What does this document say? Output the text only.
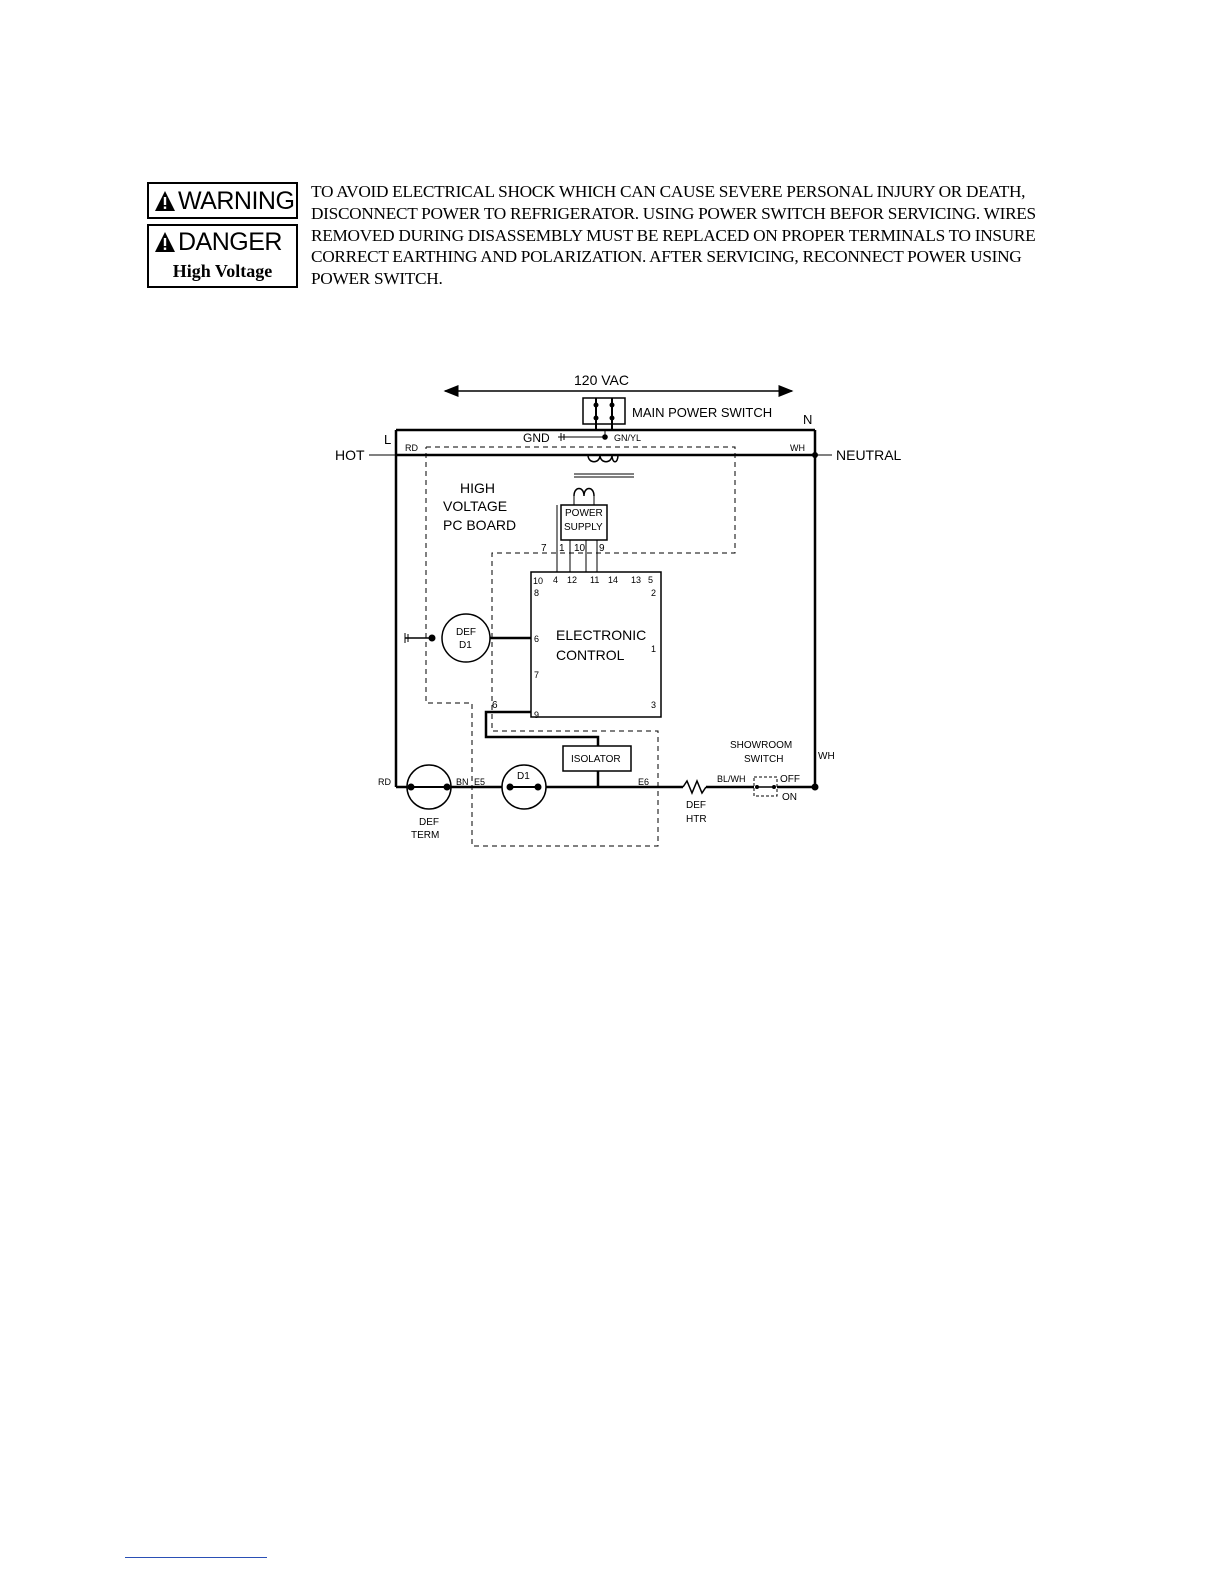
WARNING
DANGER
High Voltage
TO AVOID ELECTRICAL SHOCK WHICH CAN CAUSE SEVERE PERSONAL INJURY OR DEATH,
DISCONNECT POWER TO REFRIGERATOR. USING POWER SWITCH BEFOR SERVICING. WIRES
REMOVED DURING DISASSEMBLY MUST BE REPLACED ON PROPER TERMINALS TO INSURE
CORRECT EARTHING AND POLARIZATION. AFTER SERVICING, RECONNECT POWER USING
POWER SWITCH.
120 VAC
MAIN POWER SWITCH N
L	GND	GN/YL
HOT	NEUTRAL
RD	WH
HIGH
VOLTAGE
PC BOARD
POWER
SUPPLY
7 1 10 9
10 4 12 11 14 13 5
8	2
6
1
7
3
9
ELECTRONIC
CONTROL
DEF
D1
6
ISOLATOR
RD
DEF
TERM
BN E5	D1	E6
DEF
HTR
BL/WH
SHOWROOM
SWITCH
OFF
ON
WH
